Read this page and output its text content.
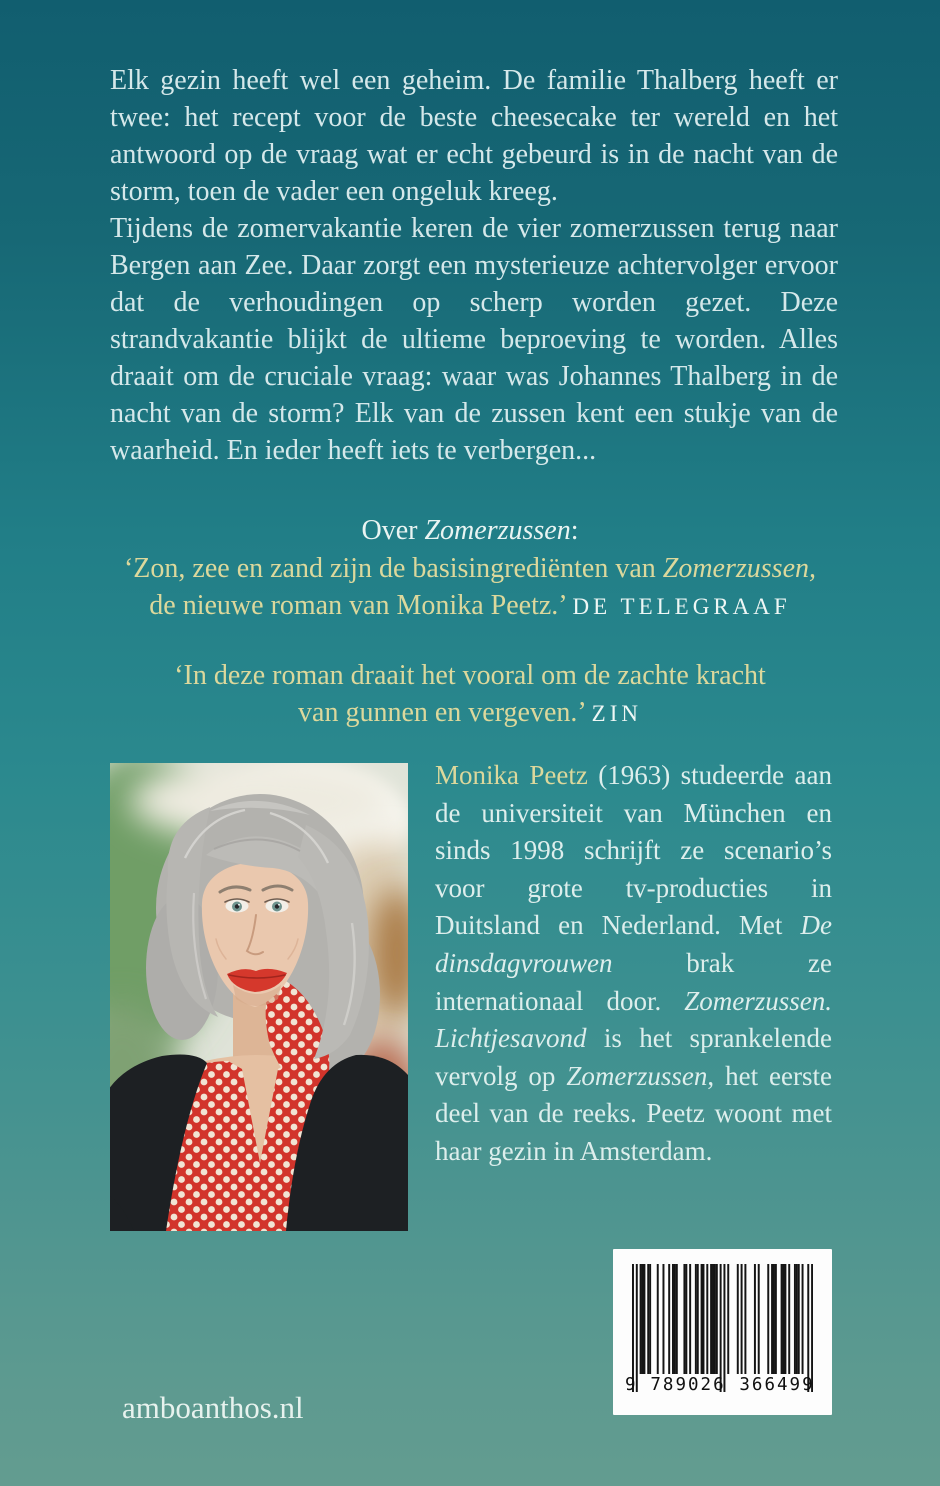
Elk gezin heeft wel een geheim. De familie Thalberg heeft er twee: het recept voor de beste cheesecake ter wereld en het antwoord op de vraag wat er echt gebeurd is in de nacht van de storm, toen de vader een ongeluk kreeg.

Tijdens de zomervakantie keren de vier zomerzussen terug naar Bergen aan Zee. Daar zorgt een mysterieuze achtervolger ervoor dat de verhoudingen op scherp worden gezet. Deze strandvakantie blijkt de ultieme beproeving te worden. Alles draait om de cruciale vraag: waar was Johannes Thalberg in de nacht van de storm? Elk van de zussen kent een stukje van de waarheid. En ieder heeft iets te verbergen...

Over Zomerzussen:

‘Zon, zee en zand zijn de basisingrediënten van Zomerzussen,

de nieuwe roman van Monika Peetz.’ DE TELEGRAAF

‘In deze roman draait het vooral om de zachte kracht

van gunnen en vergeven.’ ZIN

Monika Peetz (1963) studeerde aan de universiteit van München en sinds 1998 schrijft ze scenario’s voor grote tv-producties in Duitsland en Nederland. Met De dinsdagvrouwen brak ze internationaal door. Zomerzussen. Lichtjesavond is het sprankelende vervolg op Zomerzussen, het eerste deel van de reeks. Peetz woont met haar gezin in Amsterdam.

amboanthos.nl
9 789026 366499
